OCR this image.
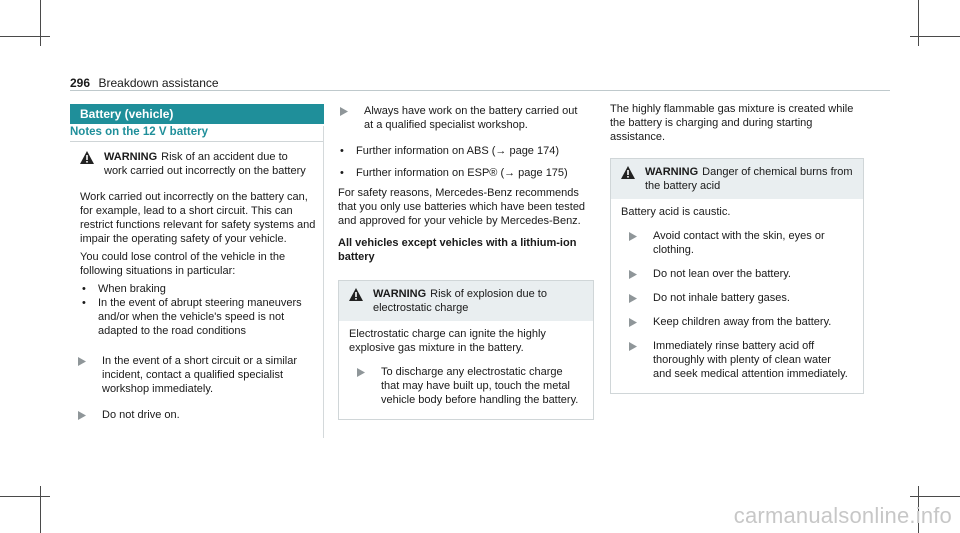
296 Breakdown assistance
Battery (vehicle)
Notes on the 12 V battery
WARNING Risk of an accident due to work carried out incorrectly on the battery
Work carried out incorrectly on the battery can, for example, lead to a short circuit. This can restrict functions relevant for safety systems and impair the operating safety of your vehicle.
You could lose control of the vehicle in the following situations in particular:
•	When braking
•	In the event of abrupt steering maneuvers and/or when the vehicle's speed is not adapted to the road conditions
In the event of a short circuit or a similar incident, contact a qualified specialist workshop immediately.
Do not drive on.
Always have work on the battery carried out at a qualified specialist workshop.
•	Further information on ABS (→ page 174)
•	Further information on ESP® (→ page 175)
For safety reasons, Mercedes-Benz recommends that you only use batteries which have been tested and approved for your vehicle by Mercedes-Benz.
All vehicles except vehicles with a lithium-ion battery
WARNING Risk of explosion due to electrostatic charge
Electrostatic charge can ignite the highly explosive gas mixture in the battery.
To discharge any electrostatic charge that may have built up, touch the metal vehicle body before handling the battery.
The highly flammable gas mixture is created while the battery is charging and during starting assistance.
WARNING Danger of chemical burns from the battery acid
Battery acid is caustic.
Avoid contact with the skin, eyes or clothing.
Do not lean over the battery.
Do not inhale battery gases.
Keep children away from the battery.
Immediately rinse battery acid off thoroughly with plenty of clean water and seek medical attention immediately.
carmanualsonline.info
